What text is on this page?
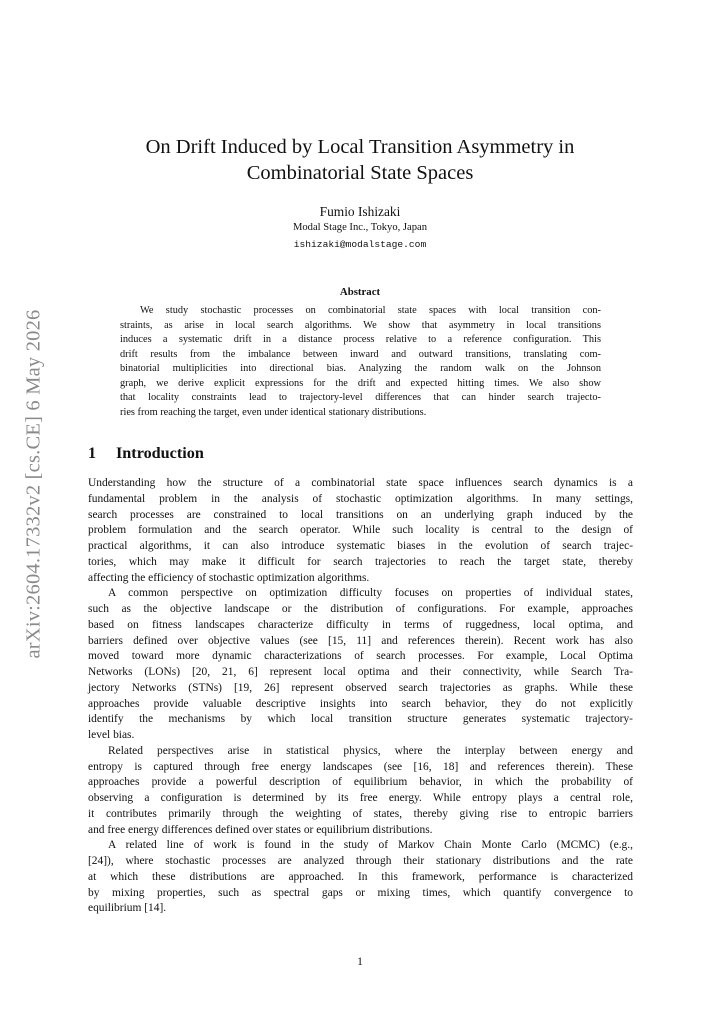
arXiv:2604.17332v2 [cs.CE] 6 May 2026
On Drift Induced by Local Transition Asymmetry in
Combinatorial State Spaces
Fumio Ishizaki
Modal Stage Inc., Tokyo, Japan
ishizaki@modalstage.com
Abstract
We study stochastic processes on combinatorial state spaces with local transition con-
straints, as arise in local search algorithms. We show that asymmetry in local transitions
induces a systematic drift in a distance process relative to a reference configuration. This
drift results from the imbalance between inward and outward transitions, translating com-
binatorial multiplicities into directional bias. Analyzing the random walk on the Johnson
graph, we derive explicit expressions for the drift and expected hitting times. We also show
that locality constraints lead to trajectory-level differences that can hinder search trajecto-
ries from reaching the target, even under identical stationary distributions.
1 Introduction
Understanding how the structure of a combinatorial state space influences search dynamics is a
fundamental problem in the analysis of stochastic optimization algorithms. In many settings,
search processes are constrained to local transitions on an underlying graph induced by the
problem formulation and the search operator. While such locality is central to the design of
practical algorithms, it can also introduce systematic biases in the evolution of search trajec-
tories, which may make it difficult for search trajectories to reach the target state, thereby
affecting the efficiency of stochastic optimization algorithms.
A common perspective on optimization difficulty focuses on properties of individual states,
such as the objective landscape or the distribution of configurations. For example, approaches
based on fitness landscapes characterize difficulty in terms of ruggedness, local optima, and
barriers defined over objective values (see [15, 11] and references therein). Recent work has also
moved toward more dynamic characterizations of search processes. For example, Local Optima
Networks (LONs) [20, 21, 6] represent local optima and their connectivity, while Search Tra-
jectory Networks (STNs) [19, 26] represent observed search trajectories as graphs. While these
approaches provide valuable descriptive insights into search behavior, they do not explicitly
identify the mechanisms by which local transition structure generates systematic trajectory-
level bias.
Related perspectives arise in statistical physics, where the interplay between energy and
entropy is captured through free energy landscapes (see [16, 18] and references therein). These
approaches provide a powerful description of equilibrium behavior, in which the probability of
observing a configuration is determined by its free energy. While entropy plays a central role,
it contributes primarily through the weighting of states, thereby giving rise to entropic barriers
and free energy differences defined over states or equilibrium distributions.
A related line of work is found in the study of Markov Chain Monte Carlo (MCMC) (e.g.,
[24]), where stochastic processes are analyzed through their stationary distributions and the rate
at which these distributions are approached. In this framework, performance is characterized
by mixing properties, such as spectral gaps or mixing times, which quantify convergence to
equilibrium [14].
1
